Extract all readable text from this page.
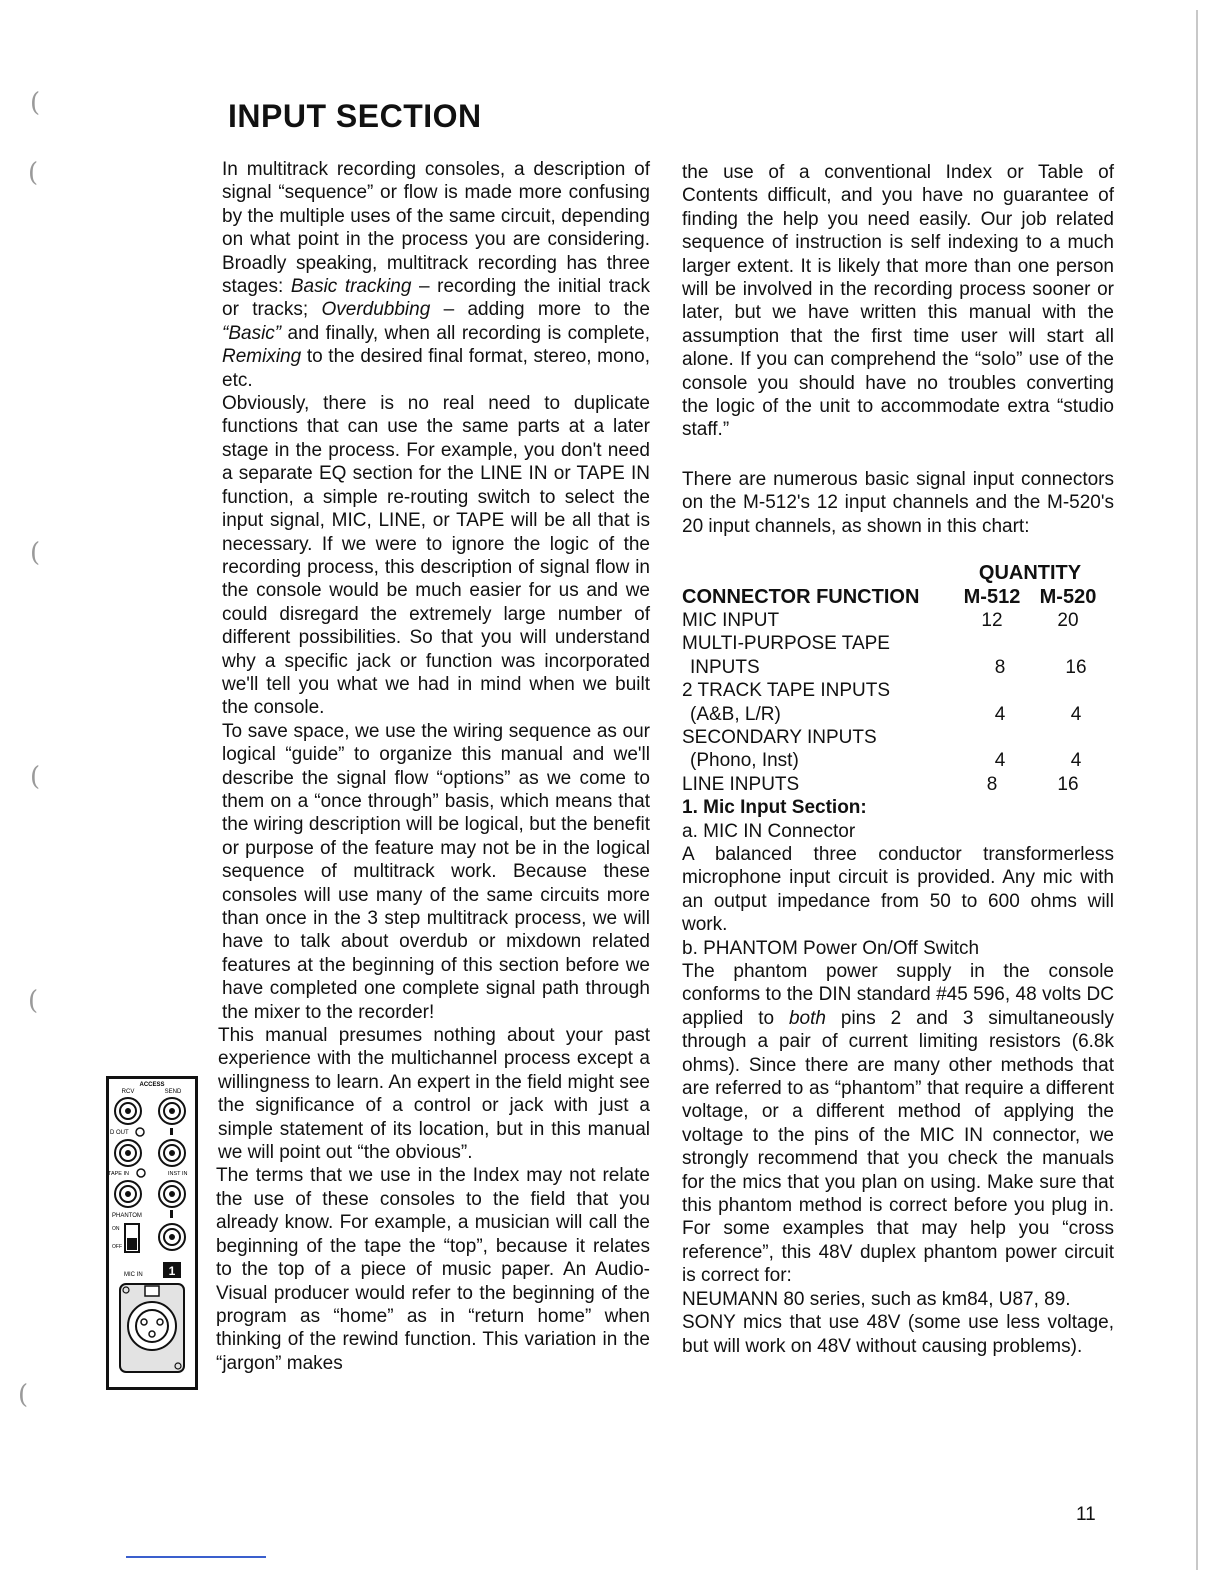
INPUT SECTION
(
(
(
(
(
(

In multitrack recording consoles, a description of signal “sequence” or flow is made more confusing by the multiple uses of the same circuit, depending on what point in the process you are considering. Broadly speaking, multitrack recording has three stages: Basic tracking – recording the initial track or tracks; Overdubbing – adding more to the “Basic” and finally, when all recording is complete, Remixing to the desired final format, stereo, mono, etc.

Obviously, there is no real need to duplicate functions that can use the same parts at a later stage in the process. For example, you don't need a separate EQ section for the LINE IN or TAPE IN function, a simple re-routing switch to select the input signal, MIC, LINE, or TAPE will be all that is necessary. If we were to ignore the logic of the recording process, this description of signal flow in the console would be much easier for us and we could disregard the extremely large number of different possibilities. So that you will understand why a specific jack or function was incorporated we'll tell you what we had in mind when we built the console.

To save space, we use the wiring sequence as our logical “guide” to organize this manual and we'll describe the signal flow “options” as we come to them on a “once through” basis, which means that the wiring description will be logical, but the benefit or purpose of the feature may not be in the logical sequence of multitrack work. Because these consoles will use many of the same circuits more than once in the 3 step multitrack process, we will have to talk about overdub or mixdown related features at the beginning of this section before we have completed one complete signal path through the mixer to the recorder!

This manual presumes nothing about your past experience with the multichannel process except a willingness to learn. An expert in the field might see the significance of a control or jack with just a simple statement of its location, but in this manual we will point out “the obvious”.

The terms that we use in the Index may not relate the use of these consoles to the field that you already know. For example, a musician will call the beginning of the tape the “top”, because it relates to the top of a piece of music paper. An Audio-Visual producer would refer to the beginning of the program as “home” as in “return home” when thinking of the rewind function. This variation in the “jargon” makes

the use of a conventional Index or Table of Contents difficult, and you have no guarantee of finding the help you need easily. Our job related sequence of instruction is self indexing to a much larger extent. It is likely that more than one person will be involved in the recording process sooner or later, but we have written this manual with the assumption that the first time user will start all alone. If you can comprehend the “solo” use of the console you should have no troubles converting the logic of the unit to accommodate extra “studio staff.”

There are numerous basic signal input connectors on the M-512's 12 input channels and the M-520's 20 input channels, as shown in this chart:

QUANTITY
CONNECTOR FUNCTION	M-512 M-520
MIC INPUT	12	20
MULTI-PURPOSE TAPE
INPUTS	8	16
2 TRACK TAPE INPUTS
(A&B, L/R)	4	4
SECONDARY INPUTS
(Phono, Inst)	4	4
LINE INPUTS	8	16

1. Mic Input Section:

a. MIC IN Connector

A balanced three conductor transformerless microphone input circuit is provided. Any mic with an output impedance from 50 to 600 ohms will work.

b. PHANTOM Power On/Off Switch

The phantom power supply in the console conforms to the DIN standard #45 596, 48 volts DC applied to both pins 2 and 3 simultaneously through a pair of current limiting resistors (6.8k ohms). Since there are many other methods that are referred to as “phantom” that require a different voltage, or a different method of applying the voltage to the pins of the MIC IN connector, we strongly recommend that you check the manuals for the mics that you plan on using. Make sure that this phantom method is correct before you plug in. For some examples that may help you “cross reference”, this 48V duplex phantom power circuit is correct for:

NEUMANN 80 series, such as km84, U87, 89.

SONY mics that use 48V (some use less voltage, but will work on 48V without causing problems).

ACCESS
RCV	SEND
D OUT
TAPE IN	INST IN
PHANTOM
ON
OFF
MIC IN 1
11
